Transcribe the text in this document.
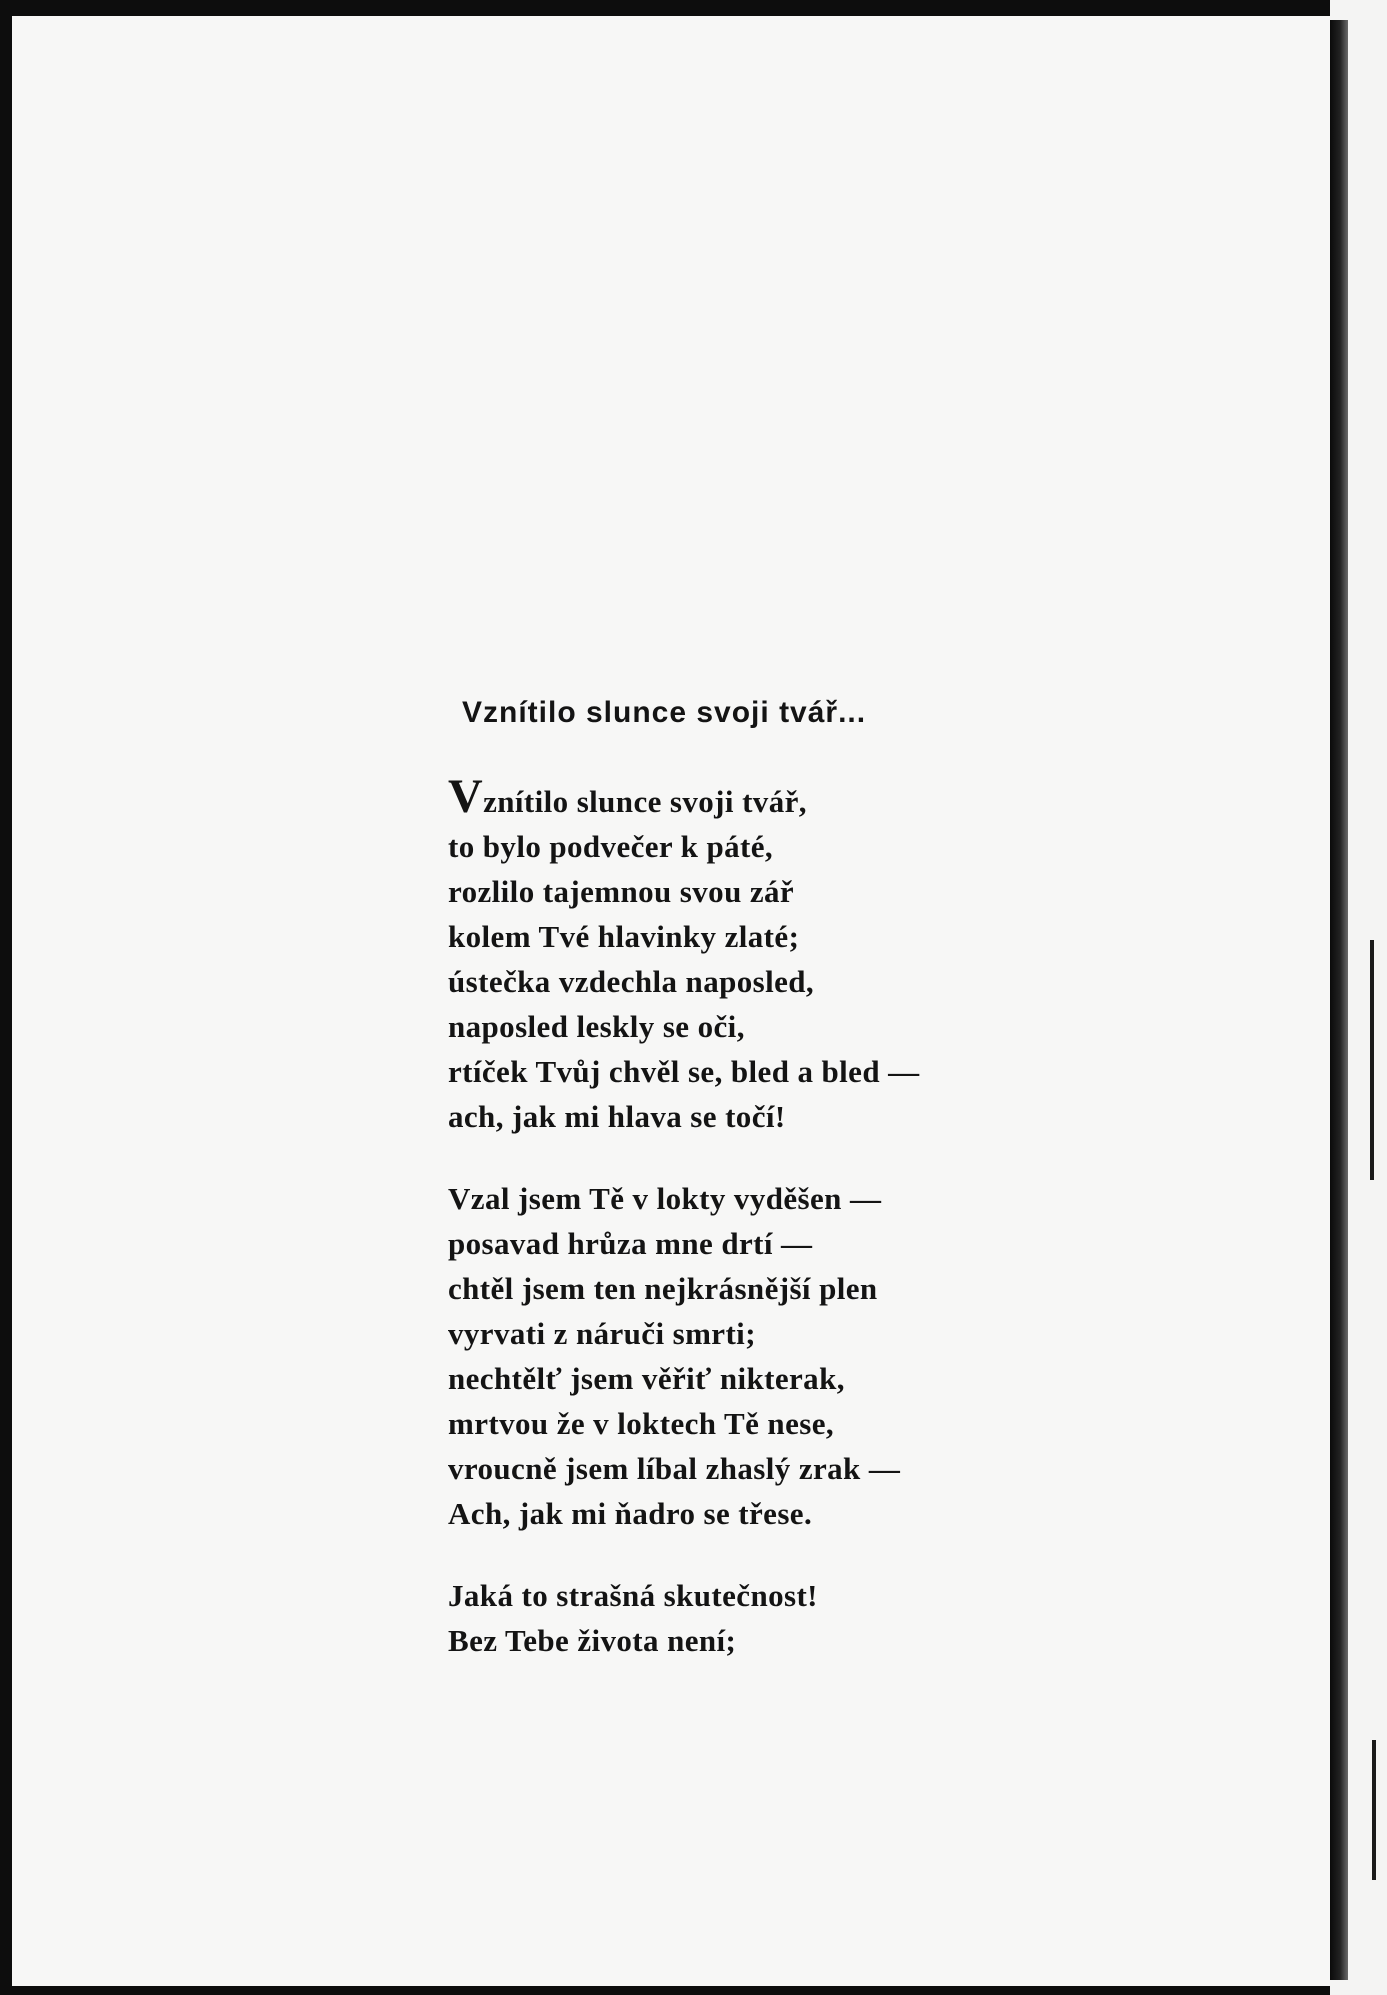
Vznítilo slunce svoji tvář...
Vznítilo slunce svoji tvář,
to bylo podvečer k páté,
rozlilo tajemnou svou zář
kolem Tvé hlavinky zlaté;
ústečka vzdechla naposled,
naposled leskly se oči,
rtíček Tvůj chvěl se, bled a bled —
ach, jak mi hlava se točí!
Vzal jsem Tě v lokty vyděšen —
posavad hrůza mne drtí —
chtěl jsem ten nejkrásnější plen
vyrvati z náruči smrti;
nechtělť jsem věřiť nikterak,
mrtvou že v loktech Tě nese,
vroucně jsem líbal zhaslý zrak —
Ach, jak mi ňadro se třese.
Jaká to strašná skutečnost!
Bez Tebe života není;
